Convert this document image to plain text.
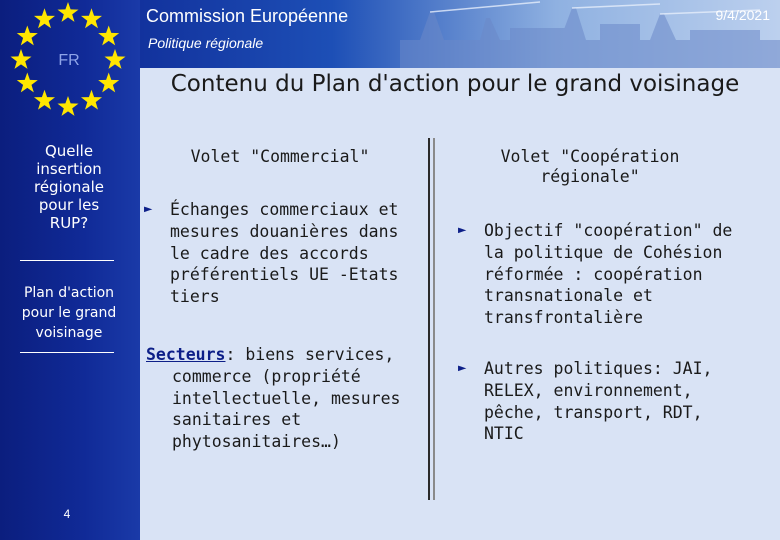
FR
Quelle insertion régionale pour les RUP?
Plan d'action pour le grand voisinage
4
Commission Européenne
Politique régionale
9/4/2021
Contenu du Plan d'action pour le grand voisinage
Volet "Commercial"	Volet "Coopération régionale"
► Échanges commerciaux et mesures douanières dans le cadre des accords préférentiels UE -Etats tiers
Secteurs: biens services,
commerce (propriété intellectuelle, mesures sanitaires et phytosanitaires…)
► Objectif "coopération" de la politique de Cohésion réformée : coopération transnationale et transfrontalière
► Autres politiques: JAI, RELEX, environnement, pêche, transport, RDT, NTIC
